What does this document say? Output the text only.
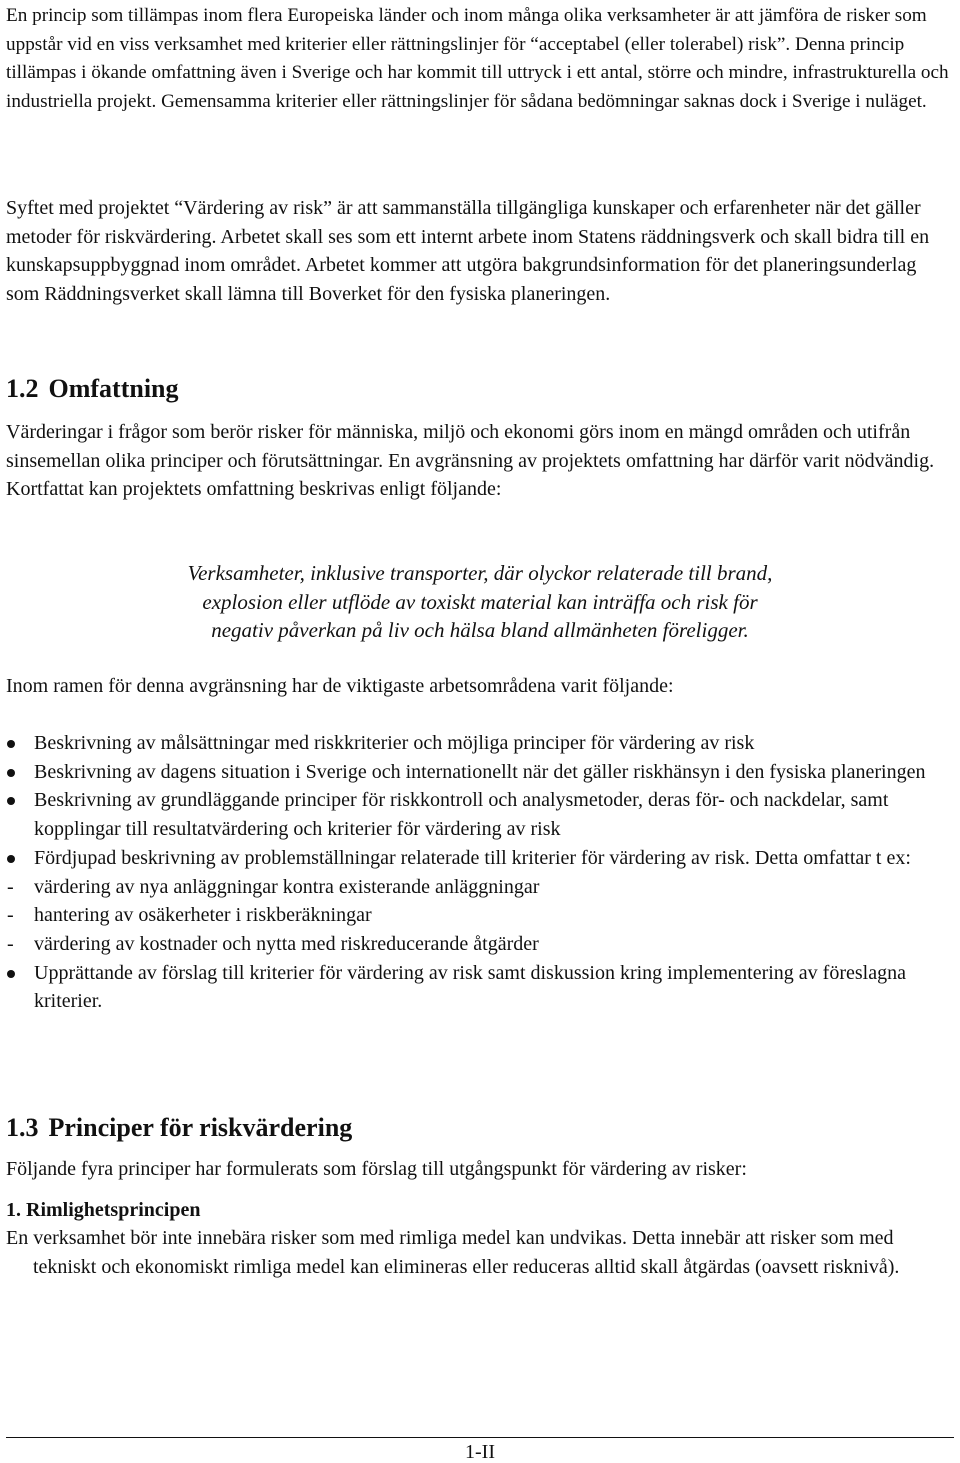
En princip som tillämpas inom flera Europeiska länder och inom många olika verksamheter är att jämföra de risker som uppstår vid en viss verksamhet med kriterier eller rättningslinjer för “acceptabel (eller tolerabel) risk”. Denna princip tillämpas i ökande omfattning även i Sverige och har kommit till uttryck i ett antal, större och mindre, infrastrukturella och industriella projekt. Gemensamma kriterier eller rättningslinjer för sådana bedömningar saknas dock i Sverige i nuläget.

Syftet med projektet “Värdering av risk” är att sammanställa tillgängliga kunskaper och erfarenheter när det gäller metoder för riskvärdering. Arbetet skall ses som ett internt arbete inom Statens räddningsverk och skall bidra till en kunskapsuppbyggnad inom området. Arbetet kommer att utgöra bakgrundsinformation för det planeringsunderlag som Räddningsverket skall lämna till Boverket för den fysiska planeringen.

1.2 Omfattning

Värderingar i frågor som berör risker för människa, miljö och ekonomi görs inom en mängd områden och utifrån sinsemellan olika principer och förutsättningar. En avgränsning av projektets omfattning har därför varit nödvändig. Kortfattat kan projektets omfattning beskrivas enligt följande:

Verksamheter, inklusive transporter, där olyckor relaterade till brand,

explosion eller utflöde av toxiskt material kan inträffa och risk för

negativ påverkan på liv och hälsa bland allmänheten föreligger.

Inom ramen för denna avgränsning har de viktigaste arbetsområdena varit följande:

Beskrivning av målsättningar med riskkriterier och möjliga principer för värdering av risk
Beskrivning av dagens situation i Sverige och internationellt när det gäller riskhänsyn i den fysiska planeringen
Beskrivning av grundläggande principer för riskkontroll och analysmetoder, deras för- och nackdelar, samt kopplingar till resultatvärdering och kriterier för värdering av risk
Fördjupad beskrivning av problemställningar relaterade till kriterier för värdering av risk. Detta omfattar t ex:
- värdering av nya anläggningar kontra existerande anläggningar
- hantering av osäkerheter i riskberäkningar
- värdering av kostnader och nytta med riskreducerande åtgärder
Upprättande av förslag till kriterier för värdering av risk samt diskussion kring implementering av föreslagna kriterier.
1.3 Principer för riskvärdering

Följande fyra principer har formulerats som förslag till utgångspunkt för värdering av risker:

1. Rimlighetsprincipen

En verksamhet bör inte innebära risker som med rimliga medel kan undvikas. Detta innebär att risker som med tekniskt och ekonomiskt rimliga medel kan elimineras eller reduceras alltid skall åtgärdas (oavsett risknivå).

1-II
